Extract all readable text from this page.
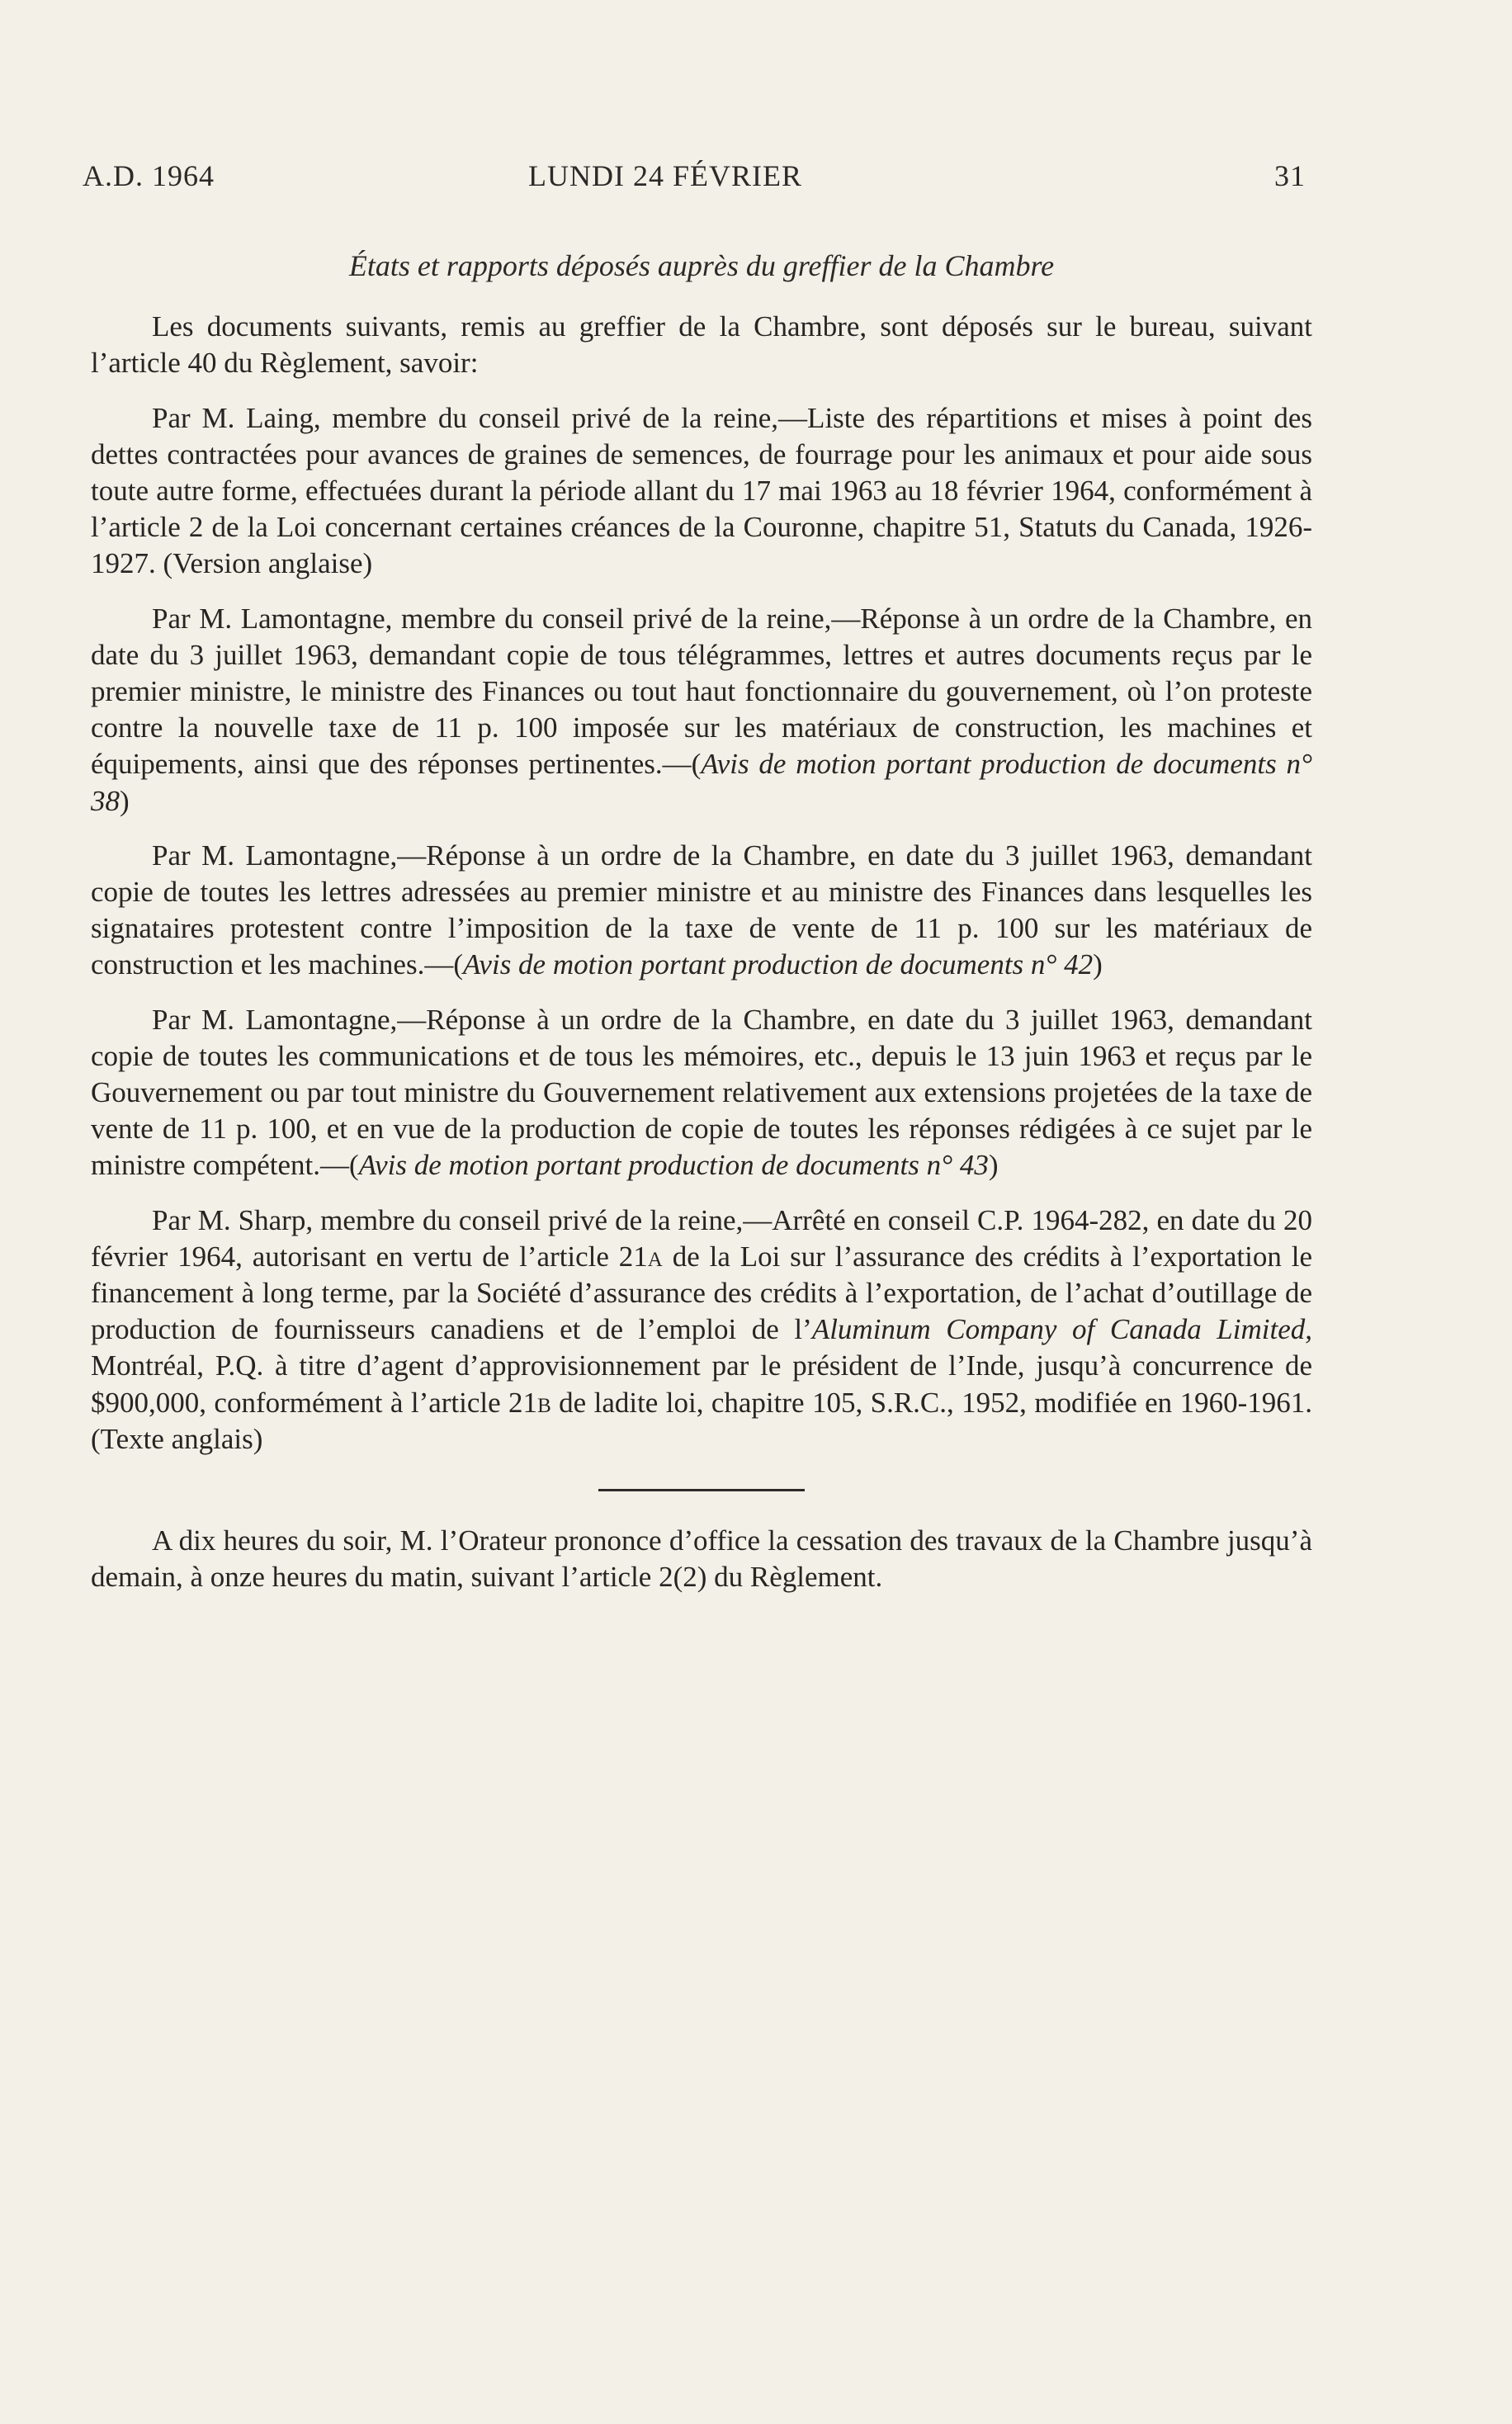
A.D. 1964	LUNDI 24 FÉVRIER	31
États et rapports déposés auprès du greffier de la Chambre

Les documents suivants, remis au greffier de la Chambre, sont déposés sur le bureau, suivant l’article 40 du Règlement, savoir:

Par M. Laing, membre du conseil privé de la reine,—Liste des répartitions et mises à point des dettes contractées pour avances de graines de semences, de fourrage pour les animaux et pour aide sous toute autre forme, effectuées durant la période allant du 17 mai 1963 au 18 février 1964, conformément à l’article 2 de la Loi concernant certaines créances de la Couronne, chapitre 51, Statuts du Canada, 1926-1927. (Version anglaise)

Par M. Lamontagne, membre du conseil privé de la reine,—Réponse à un ordre de la Chambre, en date du 3 juillet 1963, demandant copie de tous télégrammes, lettres et autres documents reçus par le premier ministre, le ministre des Finances ou tout haut fonctionnaire du gouvernement, où l’on proteste contre la nouvelle taxe de 11 p. 100 imposée sur les matériaux de construction, les machines et équipements, ainsi que des réponses pertinentes.—(Avis de motion portant production de documents n° 38)

Par M. Lamontagne,—Réponse à un ordre de la Chambre, en date du 3 juillet 1963, demandant copie de toutes les lettres adressées au premier ministre et au ministre des Finances dans lesquelles les signataires protestent contre l’imposition de la taxe de vente de 11 p. 100 sur les matériaux de construction et les machines.—(Avis de motion portant production de documents n° 42)

Par M. Lamontagne,—Réponse à un ordre de la Chambre, en date du 3 juillet 1963, demandant copie de toutes les communications et de tous les mémoires, etc., depuis le 13 juin 1963 et reçus par le Gouvernement ou par tout ministre du Gouvernement relativement aux extensions projetées de la taxe de vente de 11 p. 100, et en vue de la production de copie de toutes les réponses rédigées à ce sujet par le ministre compétent.—(Avis de motion portant production de documents n° 43)

Par M. Sharp, membre du conseil privé de la reine,—Arrêté en conseil C.P. 1964-282, en date du 20 février 1964, autorisant en vertu de l’article 21a de la Loi sur l’assurance des crédits à l’exportation le financement à long terme, par la Société d’assurance des crédits à l’exportation, de l’achat d’outillage de production de fournisseurs canadiens et de l’emploi de l’Aluminum Company of Canada Limited, Montréal, P.Q. à titre d’agent d’approvisionnement par le président de l’Inde, jusqu’à concurrence de $900,000, conformément à l’article 21b de ladite loi, chapitre 105, S.R.C., 1952, modifiée en 1960-1961. (Texte anglais)

A dix heures du soir, M. l’Orateur prononce d’office la cessation des travaux de la Chambre jusqu’à demain, à onze heures du matin, suivant l’article 2(2) du Règlement.
